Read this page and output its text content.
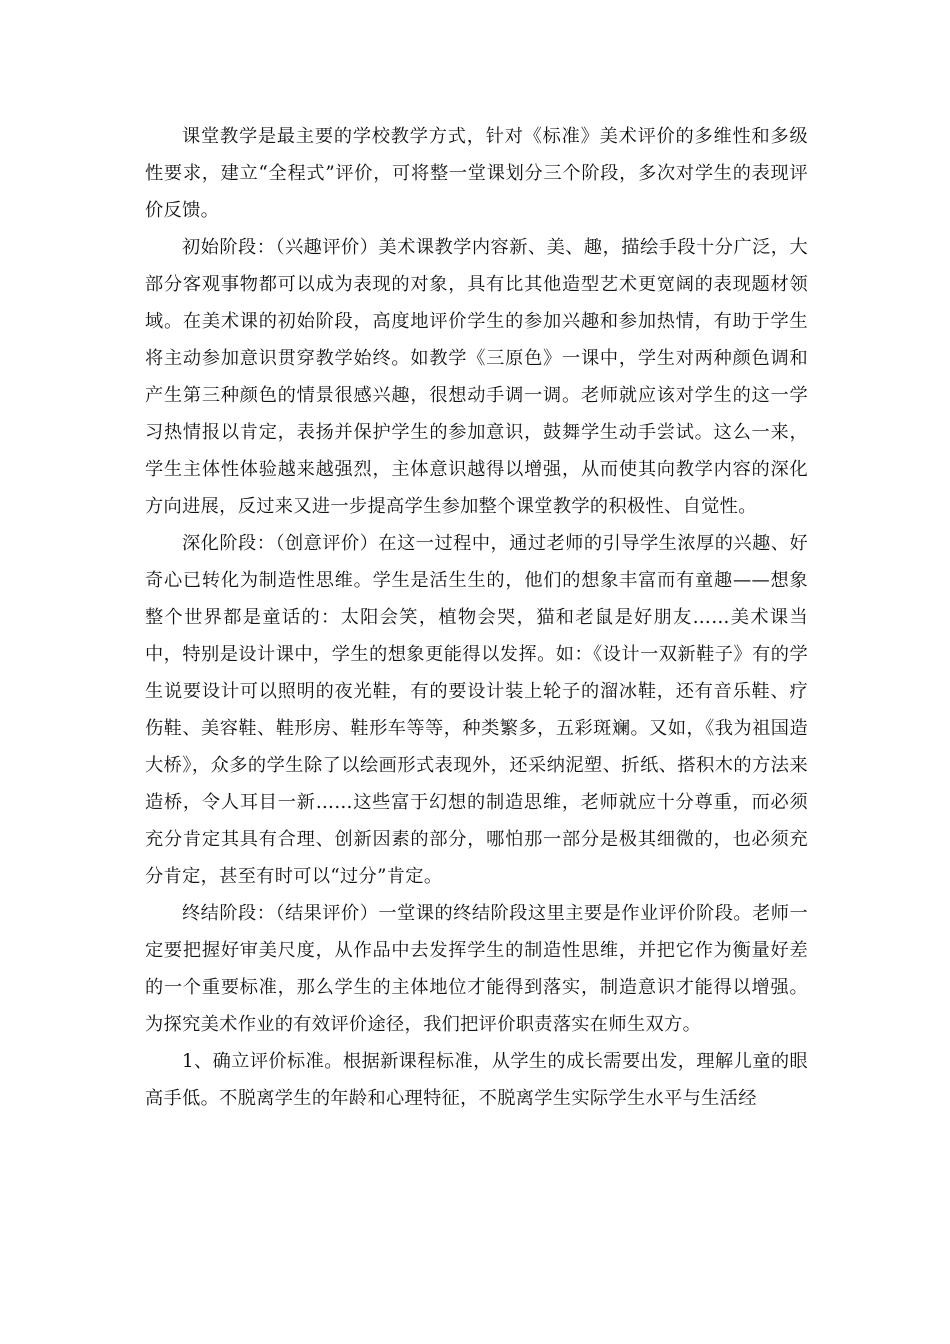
课堂教学是最主要的学校教学方式，针对《标准》美术评价的多维性和多级性要求，建立“全程式”评价，可将整一堂课划分三个阶段，多次对学生的表现评价反馈。

初始阶段：（兴趣评价）美术课教学内容新、美、趣，描绘手段十分广泛，大部分客观事物都可以成为表现的对象，具有比其他造型艺术更宽阔的表现题材领域。在美术课的初始阶段，高度地评价学生的参加兴趣和参加热情，有助于学生将主动参加意识贯穿教学始终。如教学《三原色》一课中，学生对两种颜色调和产生第三种颜色的情景很感兴趣，很想动手调一调。老师就应该对学生的这一学习热情报以肯定，表扬并保护学生的参加意识，鼓舞学生动手尝试。这么一来，学生主体性体验越来越强烈，主体意识越得以增强，从而使其向教学内容的深化方向进展，反过来又进一步提高学生参加整个课堂教学的积极性、自觉性。

深化阶段：（创意评价）在这一过程中，通过老师的引导学生浓厚的兴趣、好奇心已转化为制造性思维。学生是活生生的，他们的想象丰富而有童趣——想象整个世界都是童话的：太阳会笑，植物会哭，猫和老鼠是好朋友……美术课当中，特别是设计课中，学生的想象更能得以发挥。如：《设计一双新鞋子》有的学生说要设计可以照明的夜光鞋，有的要设计装上轮子的溜冰鞋，还有音乐鞋、疗伤鞋、美容鞋、鞋形房、鞋形车等等，种类繁多，五彩斑斓。又如，《我为祖国造大桥》，众多的学生除了以绘画形式表现外，还采纳泥塑、折纸、搭积木的方法来造桥，令人耳目一新……这些富于幻想的制造思维，老师就应十分尊重，而必须充分肯定其具有合理、创新因素的部分，哪怕那一部分是极其细微的，也必须充分肯定，甚至有时可以“过分”肯定。

终结阶段：（结果评价）一堂课的终结阶段这里主要是作业评价阶段。老师一定要把握好审美尺度，从作品中去发挥学生的制造性思维，并把它作为衡量好差的一个重要标准，那么学生的主体地位才能得到落实，制造意识才能得以增强。为探究美术作业的有效评价途径，我们把评价职责落实在师生双方。

1、确立评价标准。根据新课程标准，从学生的成长需要出发，理解儿童的眼高手低。不脱离学生的年龄和心理特征，不脱离学生实际学生水平与生活经
